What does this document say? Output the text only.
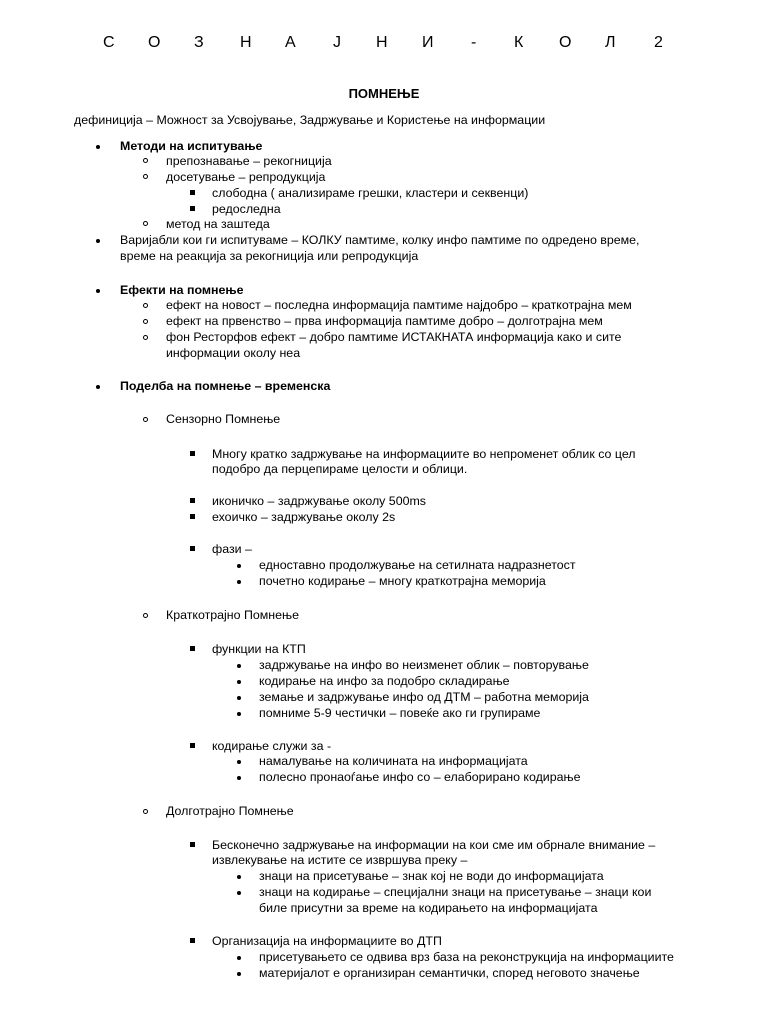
С О З Н А Ј Н И - К О Л 2
ПОМНЕЊЕ
дефиниција – Можност за Усвојување, Задржување и Користење на информации
Методи на испитување
препознавање – рекогниција
досетување – репродукција
слободна ( анализираме грешки, кластери и секвенци)
редоследна
метод на заштеда
Варијабли кои ги испитуваме – КОЛКУ памтиме, колку инфо памтиме по одредено време,
време на реакција за рекогниција или репродукција
Ефекти на помнење
ефект на новост – последна информација памтиме најдобро – краткотрајна мем
ефект на првенство – прва информација памтиме добро – долготрајна мем
фон Ресторфов ефект – добро памтиме ИСТАКНАТА информација како и сите
информации околу неа
Поделба на помнење – временска
Сензорно Помнење
Многу кратко задржување на информациите во непроменет облик со цел
подобро да перцепираме целости и облици.
иконичко – задржување околу 500ms
ехоичко – задржување околу 2s
фази –
едноставно продолжување на сетилната надразнетост
почетно кодирање – многу краткотрајна меморија
Краткотрајно Помнење
функции на КТП
задржување на инфо во неизменет облик – повторување
кодирање на инфо за подобро складирање
земање и задржување инфо од ДТМ – работна меморија
помниме 5-9 честички – повеќе ако ги групираме
кодирање служи за -
намалување на количината на информацијата
полесно пронаоѓање инфо со – елаборирано кодирање
Долготрајно Помнење
Бесконечно задржување на информации на кои сме им обрнале внимание –
извлекување на истите се извршува преку –
знаци на присетување – знак кој не води до информацијата
знаци на кодирање – специјални знаци на присетување – знаци кои
биле присутни за време на кодирањето на информацијата
Организација на информациите во ДТП
присетувањето се одвива врз база на реконструкција на информациите
материјалот е организиран семантички, според неговото значење
